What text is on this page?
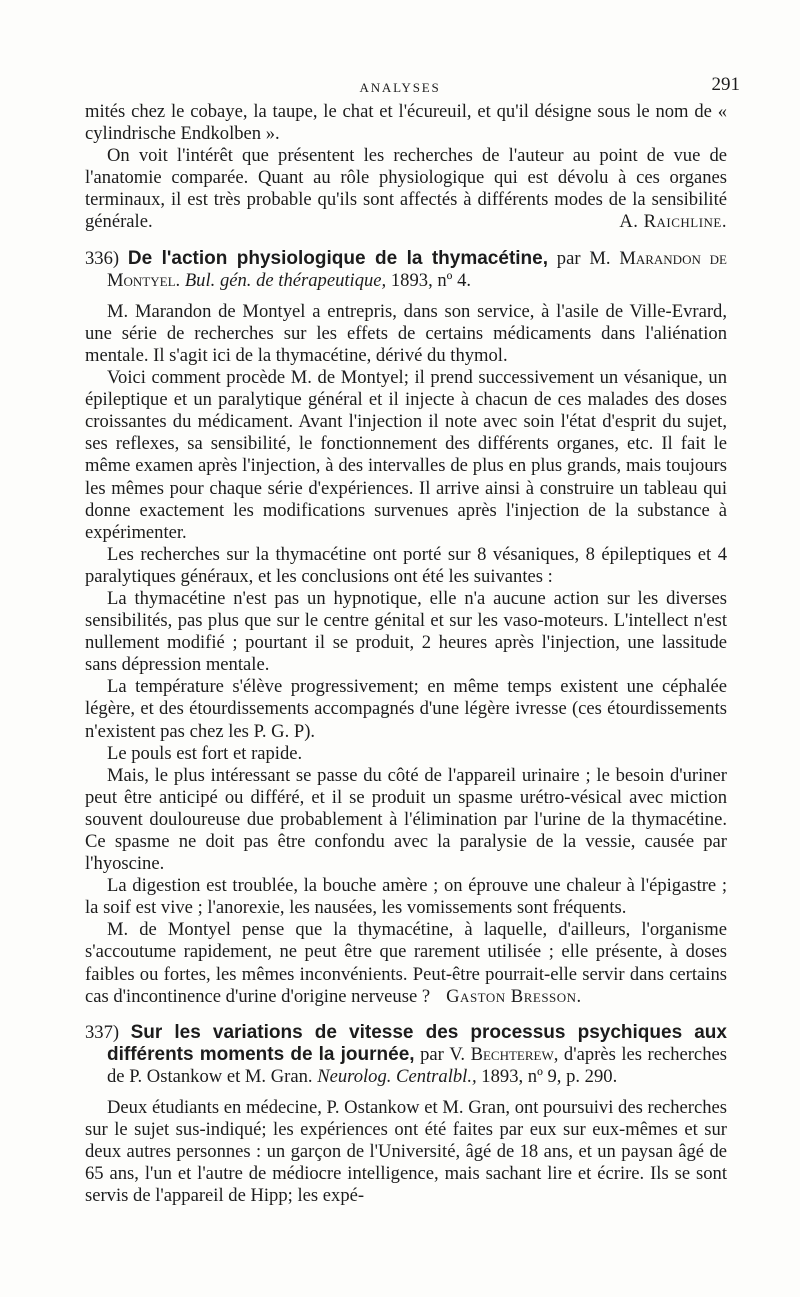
ANALYSES	291

mités chez le cobaye, la taupe, le chat et l'écureuil, et qu'il désigne sous le nom de « cylindrische Endkolben ».

On voit l'intérêt que présentent les recherches de l'auteur au point de vue de l'anatomie comparée. Quant au rôle physiologique qui est dévolu à ces organes terminaux, il est très probable qu'ils sont affectés à différents modes de la sensibilité générale.	A. Raichline.

336) De l'action physiologique de la thymacétine, par M. Marandon de Montyel. Bul. gén. de thérapeutique, 1893, nº 4.

M. Marandon de Montyel a entrepris, dans son service, à l'asile de Ville-Evrard, une série de recherches sur les effets de certains médicaments dans l'aliénation mentale. Il s'agit ici de la thymacétine, dérivé du thymol.

Voici comment procède M. de Montyel; il prend successivement un vésanique, un épileptique et un paralytique général et il injecte à chacun de ces malades des doses croissantes du médicament. Avant l'injection il note avec soin l'état d'esprit du sujet, ses reflexes, sa sensibilité, le fonctionnement des différents organes, etc. Il fait le même examen après l'injection, à des intervalles de plus en plus grands, mais toujours les mêmes pour chaque série d'expériences. Il arrive ainsi à construire un tableau qui donne exactement les modifications survenues après l'injection de la substance à expérimenter.

Les recherches sur la thymacétine ont porté sur 8 vésaniques, 8 épileptiques et 4 paralytiques généraux, et les conclusions ont été les suivantes :

La thymacétine n'est pas un hypnotique, elle n'a aucune action sur les diverses sensibilités, pas plus que sur le centre génital et sur les vaso-moteurs. L'intellect n'est nullement modifié ; pourtant il se produit, 2 heures après l'injection, une lassitude sans dépression mentale.

La température s'élève progressivement; en même temps existent une céphalée légère, et des étourdissements accompagnés d'une légère ivresse (ces étourdissements n'existent pas chez les P. G. P).

Le pouls est fort et rapide.

Mais, le plus intéressant se passe du côté de l'appareil urinaire ; le besoin d'uriner peut être anticipé ou différé, et il se produit un spasme urétro-vésical avec miction souvent douloureuse due probablement à l'élimination par l'urine de la thymacétine. Ce spasme ne doit pas être confondu avec la paralysie de la vessie, causée par l'hyoscine.

La digestion est troublée, la bouche amère ; on éprouve une chaleur à l'épigastre ; la soif est vive ; l'anorexie, les nausées, les vomissements sont fréquents.

M. de Montyel pense que la thymacétine, à laquelle, d'ailleurs, l'organisme s'accoutume rapidement, ne peut être que rarement utilisée ; elle présente, à doses faibles ou fortes, les mêmes inconvénients. Peut-être pourrait-elle servir dans certains cas d'incontinence d'urine d'origine nerveuse ? Gaston Bresson.

337) Sur les variations de vitesse des processus psychiques aux différents moments de la journée, par V. Bechterew, d'après les recherches de P. Ostankow et M. Gran. Neurolog. Centralbl., 1893, nº 9, p. 290.

Deux étudiants en médecine, P. Ostankow et M. Gran, ont poursuivi des recherches sur le sujet sus-indiqué; les expériences ont été faites par eux sur eux-mêmes et sur deux autres personnes : un garçon de l'Université, âgé de 18 ans, et un paysan âgé de 65 ans, l'un et l'autre de médiocre intelligence, mais sachant lire et écrire. Ils se sont servis de l'appareil de Hipp; les expé-
